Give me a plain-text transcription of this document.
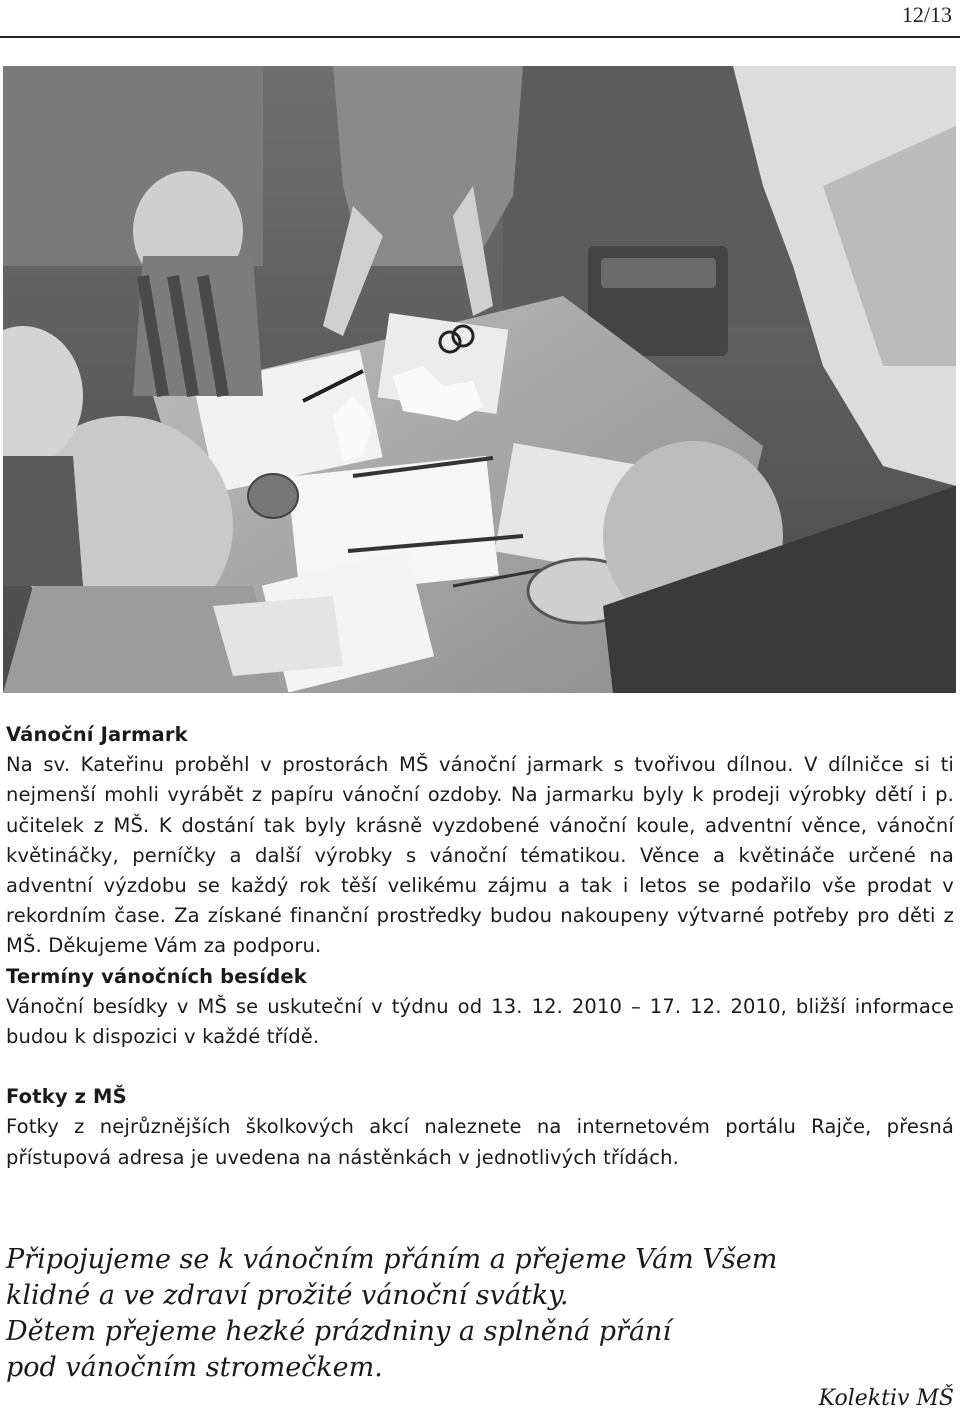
12/13

Vánoční Jarmark

Na sv. Kateřinu proběhl v prostorách MŠ vánoční jarmark s tvořivou dílnou. V dílničce si ti nejmenší mohli vyrábět z papíru vánoční ozdoby. Na jarmarku byly k prodeji výrobky dětí i p. učitelek z MŠ. K dostání tak byly krásně vyzdobené vánoční koule, adventní věnce, vánoční květináčky, perníčky a další výrobky s vánoční tématikou. Věnce a květináče určené na adventní výzdobu se každý rok těší velikému zájmu a tak i letos se podařilo vše prodat v rekordním čase. Za získané finanční prostředky budou nakoupeny výtvarné potřeby pro děti z MŠ. Děkujeme Vám za podporu.

Termíny vánočních besídek

Vánoční besídky v MŠ se uskuteční v týdnu od 13. 12. 2010 – 17. 12. 2010, bližší informace budou k dispozici v každé třídě.

Fotky z MŠ

Fotky z nejrůznějších školkových akcí naleznete na internetovém portálu Rajče, přesná přístupová adresa je uvedena na nástěnkách v jednotlivých třídách.

Připojujeme se k vánočním přáním a přejeme Vám Všem
klidné a ve zdraví prožité vánoční svátky.
Dětem přejeme hezké prázdniny a splněná přání
pod vánočním stromečkem.
Kolektiv MŠ
